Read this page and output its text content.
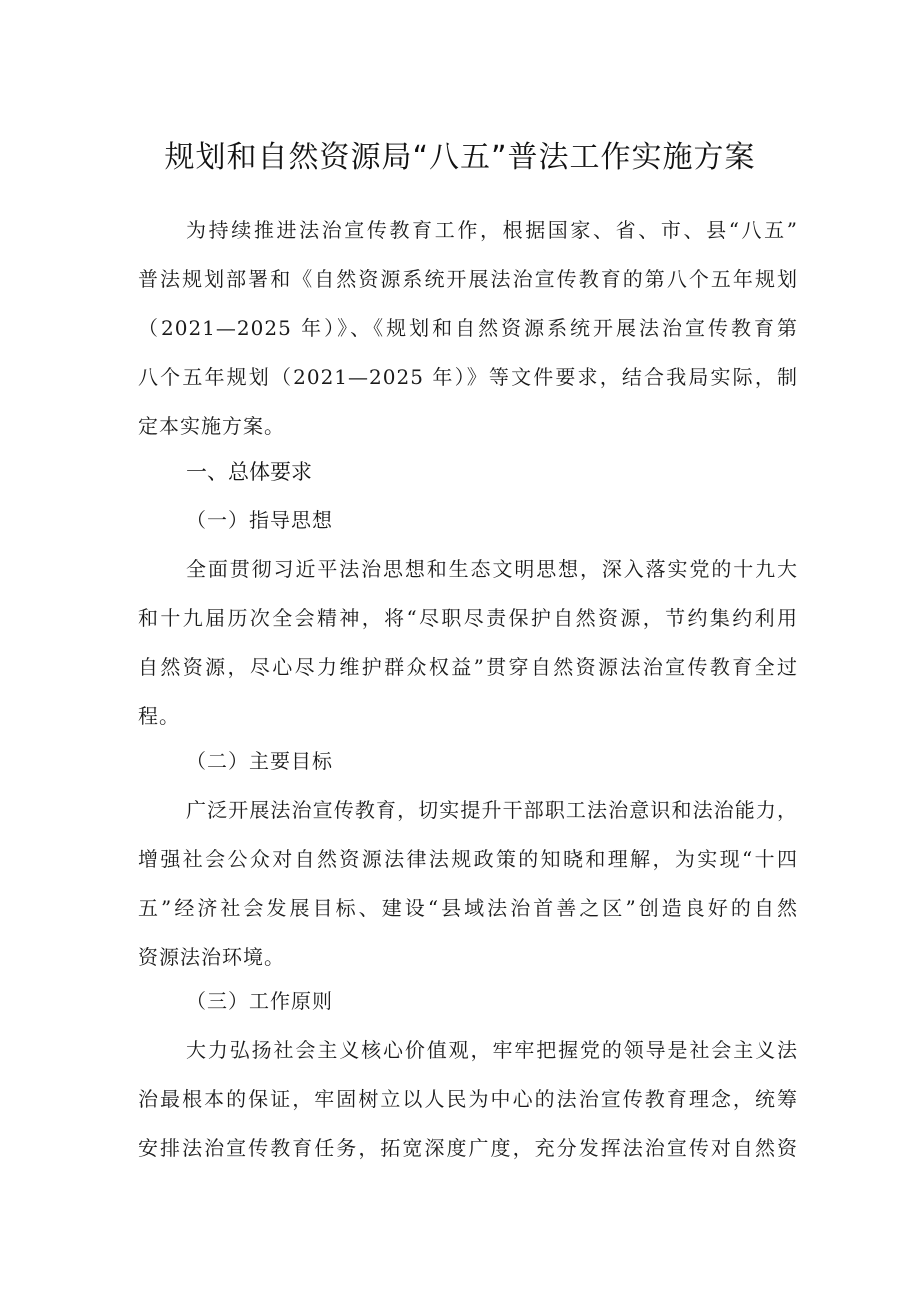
规划和自然资源局“八五”普法工作实施方案
为持续推进法治宣传教育工作，根据国家、省、市、县“八五”
普法规划部署和《自然资源系统开展法治宣传教育的第八个五年规划
（2021—2025 年）》、《规划和自然资源系统开展法治宣传教育第
八个五年规划（2021—2025 年）》等文件要求，结合我局实际，制
定本实施方案。
一、总体要求
（一）指导思想
全面贯彻习近平法治思想和生态文明思想，深入落实党的十九大
和十九届历次全会精神，将“尽职尽责保护自然资源，节约集约利用
自然资源，尽心尽力维护群众权益”贯穿自然资源法治宣传教育全过
程。
（二）主要目标
广泛开展法治宣传教育，切实提升干部职工法治意识和法治能力，
增强社会公众对自然资源法律法规政策的知晓和理解，为实现“十四
五”经济社会发展目标、建设“县域法治首善之区”创造良好的自然
资源法治环境。
（三）工作原则
大力弘扬社会主义核心价值观，牢牢把握党的领导是社会主义法
治最根本的保证，牢固树立以人民为中心的法治宣传教育理念，统筹
安排法治宣传教育任务，拓宽深度广度，充分发挥法治宣传对自然资
